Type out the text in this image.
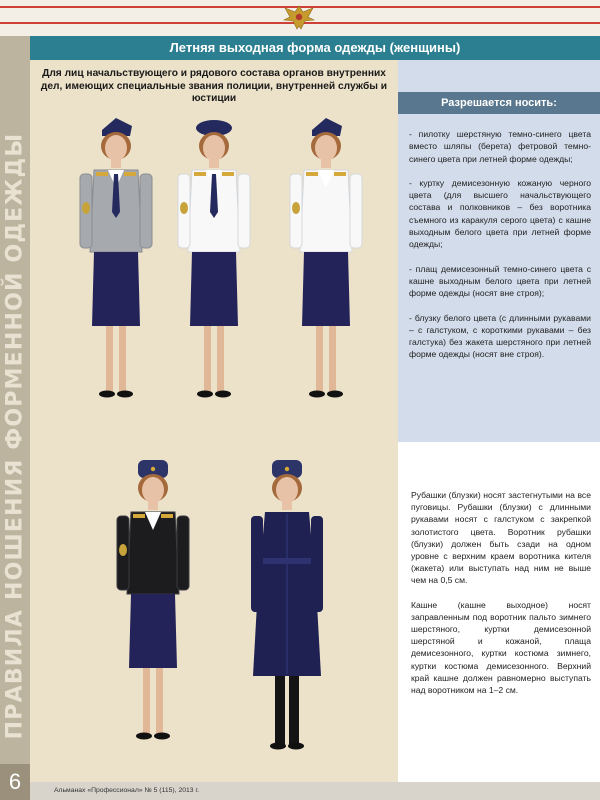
ПРАВИЛА НОШЕНИЯ ФОРМЕННОЙ ОДЕЖДЫ
6
Летняя выходная форма одежды (женщины)
Для лиц начальствующего и рядового состава органов внутренних дел, имеющих специальные звания полиции, внутренней службы и юстиции	Разрешается носить:
- пилотку шерстяную темно-синего цвета вместо шляпы (берета) фетровой темно-синего цвета при летней форме одежды;
- куртку демисезонную кожаную черного цвета (для высшего начальствующего состава и полковников – без воротника съемного из каракуля серого цвета) с кашне выходным белого цвета при летней форме одежды;
- плащ демисезонный темно-синего цвета с кашне выходным белого цвета при летней форме одежды (носят вне строя);
- блузку белого цвета (с длинными рукавами – с галстуком, с короткими рукавами – без галстука) без жакета шерстяного при летней форме одежды (носят вне строя).

Рубашки (блузки) носят застегнутыми на все пуговицы. Рубашки (блузки) с длинными рукавами носят с галстуком с закрепкой золотистого цвета. Воротник рубашки (блузки) должен быть сзади на одном уровне с верхним краем воротника кителя (жакета) или выступать над ним не выше чем на 0,5 см.

Кашне (кашне выходное) носят заправленным под воротник пальто зимнего шерстяного, куртки демисезонной шерстяной и кожаной, плаща демисезонного, куртки костюма зимнего, куртки костюма демисезонного. Верхний край кашне должен равномерно выступать над воротником на 1–2 см.

Альманах «Профессионал» № 5 (115), 2013 г.
